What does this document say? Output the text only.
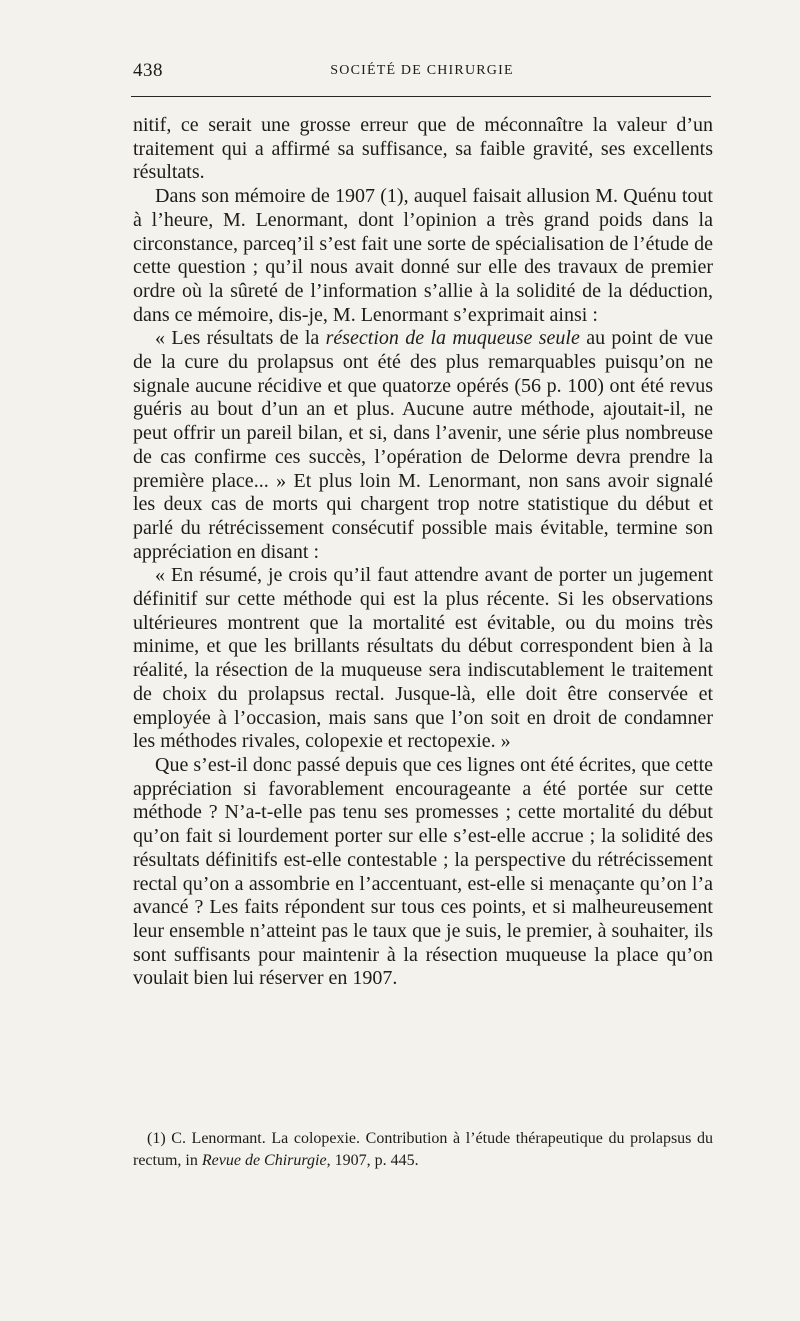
438	SOCIÉTÉ DE CHIRURGIE

nitif, ce serait une grosse erreur que de méconnaître la valeur d’un traitement qui a affirmé sa suffisance, sa faible gravité, ses excellents résultats.

Dans son mémoire de 1907 (1), auquel faisait allusion M. Quénu tout à l’heure, M. Lenormant, dont l’opinion a très grand poids dans la circonstance, parceq’il s’est fait une sorte de spécialisation de l’étude de cette question ; qu’il nous avait donné sur elle des travaux de premier ordre où la sûreté de l’information s’allie à la solidité de la déduction, dans ce mémoire, dis-je, M. Lenormant s’exprimait ainsi :

« Les résultats de la résection de la muqueuse seule au point de vue de la cure du prolapsus ont été des plus remarquables puisqu’on ne signale aucune récidive et que quatorze opérés (56 p. 100) ont été revus guéris au bout d’un an et plus. Aucune autre méthode, ajoutait-il, ne peut offrir un pareil bilan, et si, dans l’avenir, une série plus nombreuse de cas confirme ces succès, l’opération de Delorme devra prendre la première place... » Et plus loin M. Lenormant, non sans avoir signalé les deux cas de morts qui chargent trop notre statistique du début et parlé du rétrécissement consécutif possible mais évitable, termine son appréciation en disant :

« En résumé, je crois qu’il faut attendre avant de porter un jugement définitif sur cette méthode qui est la plus récente. Si les observations ultérieures montrent que la mortalité est évitable, ou du moins très minime, et que les brillants résultats du début correspondent bien à la réalité, la résection de la muqueuse sera indiscutablement le traitement de choix du prolapsus rectal. Jusque-là, elle doit être conservée et employée à l’occasion, mais sans que l’on soit en droit de condamner les méthodes rivales, colopexie et rectopexie. »

Que s’est-il donc passé depuis que ces lignes ont été écrites, que cette appréciation si favorablement encourageante a été portée sur cette méthode ? N’a-t-elle pas tenu ses promesses ; cette mortalité du début qu’on fait si lourdement porter sur elle s’est-elle accrue ; la solidité des résultats définitifs est-elle contestable ; la perspective du rétrécissement rectal qu’on a assombrie en l’accentuant, est-elle si menaçante qu’on l’a avancé ? Les faits répondent sur tous ces points, et si malheureusement leur ensemble n’atteint pas le taux que je suis, le premier, à souhaiter, ils sont suffisants pour maintenir à la résection muqueuse la place qu’on voulait bien lui réserver en 1907.

(1) C. Lenormant. La colopexie. Contribution à l’étude thérapeutique du prolapsus du rectum, in Revue de Chirurgie, 1907, p. 445.
